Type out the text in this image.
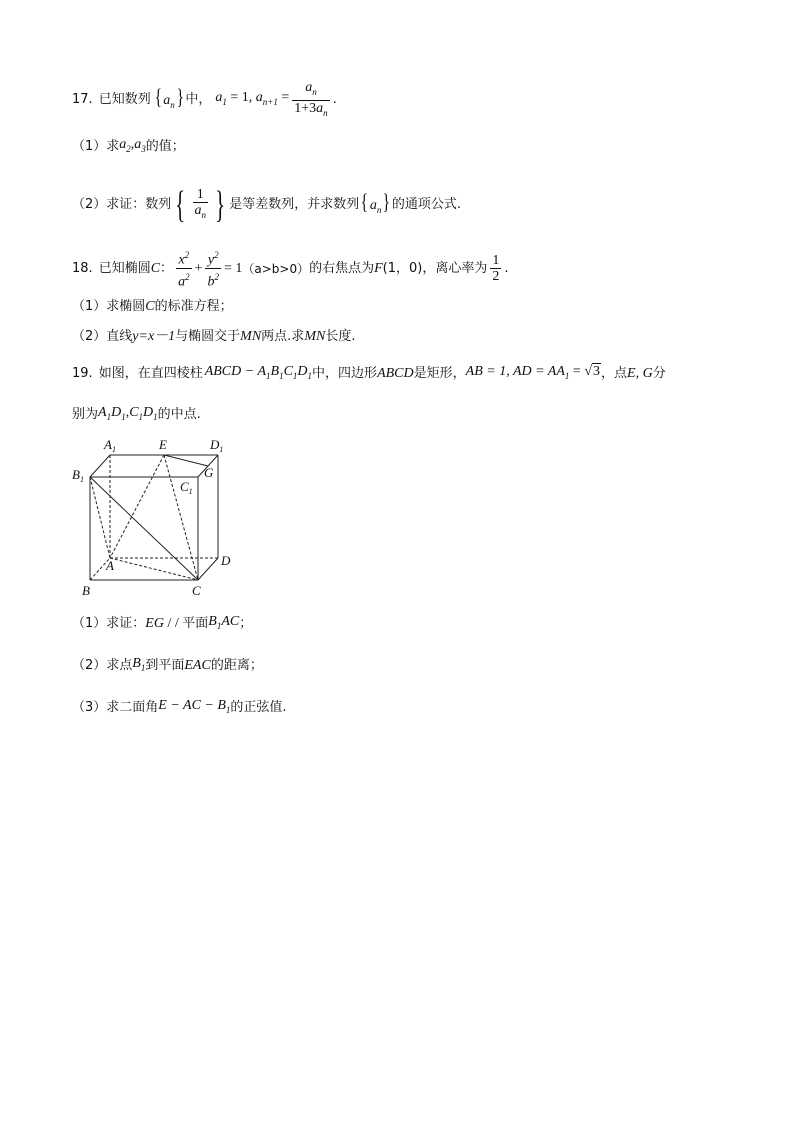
17. 已知数列 { $a_n$} 中， $a_1 = 1$, $a_{n+1} = \frac{a_n}{1+3a_n}$ .
（1）求 $a_2,a_3$ 的值；
（2）求证：数列 { $\frac{1}{a_n}$ } 是等差数列，并求数列 { $a_n$} 的通项公式.
18. 已知椭圆 C ： $\frac{x^2}{a^2} + \frac{y^2}{b^2} = 1$ （a>b>0） 的右焦点为 F (1，0)，离心率为 $\frac{1}{2}$ .
（1）求椭圆 C 的标准方程；
（2）直线 y=x－1 与椭圆交于 MN 两点.求 MN 长度.
19. 如图，在直四棱柱 ABCD − $A_1B_1C_1D_1$ 中，四边形 ABCD 是矩形， AB = 1, AD = $AA_1 = √3$ ，点 E, G 分
别为 $A_1D_1,C_1D_1$ 的中点.
$A_1$	E	$D_1$
$B_1$	G
$C_1$
A	D
B	C
（1）求证： EG / / 平面 $B_1AC$ ；
（2）求点 $B_1$ 到平面 EAC 的距离；
（3）求二面角 E − AC − $B_1$ 的正弦值.
